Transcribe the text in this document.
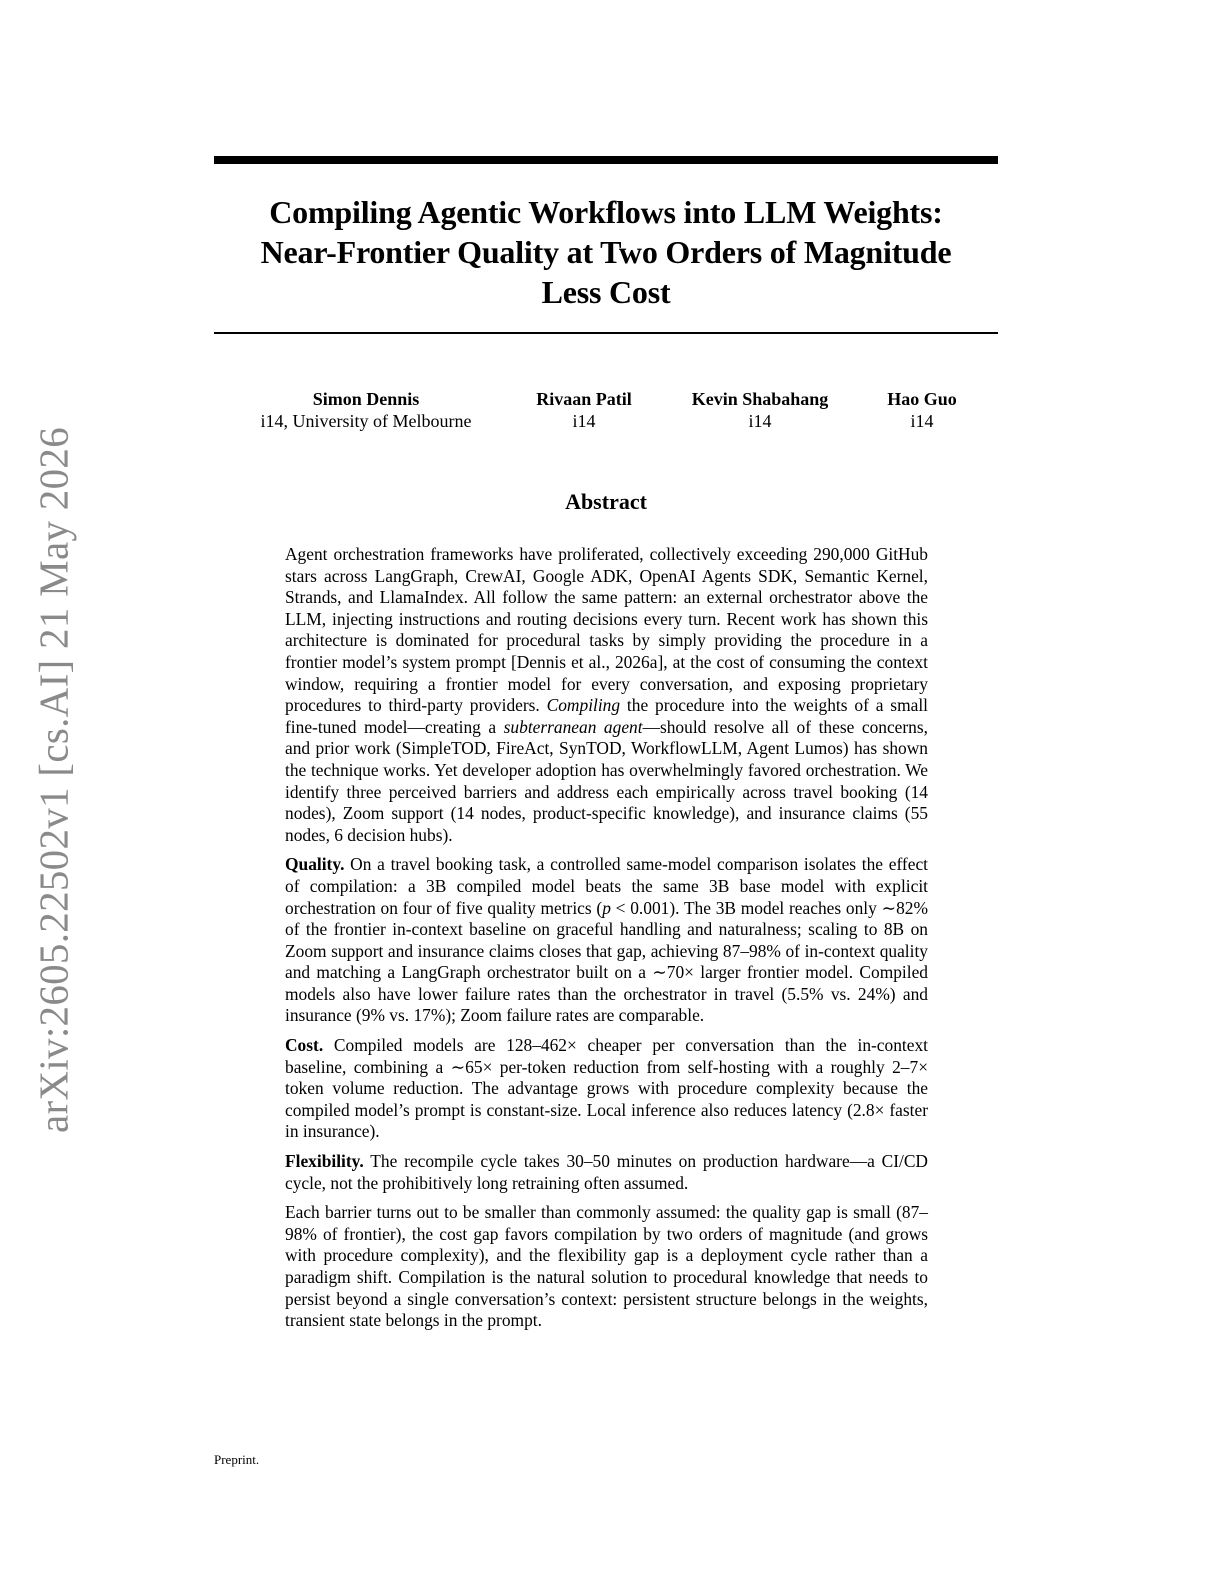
arXiv:2605.22502v1 [cs.AI] 21 May 2026
Compiling Agentic Workflows into LLM Weights:
Near-Frontier Quality at Two Orders of Magnitude
Less Cost
Simon Dennis
i14, University of Melbourne
Rivaan Patil
i14
Kevin Shabahang
i14
Hao Guo
i14
Abstract

Agent orchestration frameworks have proliferated, collectively exceeding 290,000 GitHub stars across LangGraph, CrewAI, Google ADK, OpenAI Agents SDK, Semantic Kernel, Strands, and LlamaIndex. All follow the same pattern: an external orchestrator above the LLM, injecting instructions and routing decisions every turn. Recent work has shown this architecture is dominated for procedural tasks by simply providing the procedure in a frontier model’s system prompt [Dennis et al., 2026a], at the cost of consuming the context window, requiring a frontier model for every conversation, and exposing proprietary procedures to third-party providers. Compiling the procedure into the weights of a small fine-tuned model—creating a subterranean agent—should resolve all of these concerns, and prior work (SimpleTOD, FireAct, SynTOD, WorkflowLLM, Agent Lumos) has shown the technique works. Yet developer adoption has overwhelmingly favored orchestration. We identify three perceived barriers and address each empirically across travel booking (14 nodes), Zoom support (14 nodes, product-specific knowledge), and insurance claims (55 nodes, 6 decision hubs).

Quality. On a travel booking task, a controlled same-model comparison isolates the effect of compilation: a 3B compiled model beats the same 3B base model with explicit orchestration on four of five quality metrics (p < 0.001). The 3B model reaches only ∼82% of the frontier in-context baseline on graceful handling and naturalness; scaling to 8B on Zoom support and insurance claims closes that gap, achieving 87–98% of in-context quality and matching a LangGraph orchestrator built on a ∼70× larger frontier model. Compiled models also have lower failure rates than the orchestrator in travel (5.5% vs. 24%) and insurance (9% vs. 17%); Zoom failure rates are comparable.

Cost. Compiled models are 128–462× cheaper per conversation than the in-context baseline, combining a ∼65× per-token reduction from self-hosting with a roughly 2–7× token volume reduction. The advantage grows with procedure complexity because the compiled model’s prompt is constant-size. Local inference also reduces latency (2.8× faster in insurance).

Flexibility. The recompile cycle takes 30–50 minutes on production hardware—a CI/CD cycle, not the prohibitively long retraining often assumed.

Each barrier turns out to be smaller than commonly assumed: the quality gap is small (87–98% of frontier), the cost gap favors compilation by two orders of magnitude (and grows with procedure complexity), and the flexibility gap is a deployment cycle rather than a paradigm shift. Compilation is the natural solution to procedural knowledge that needs to persist beyond a single conversation’s context: persistent structure belongs in the weights, transient state belongs in the prompt.

Preprint.
